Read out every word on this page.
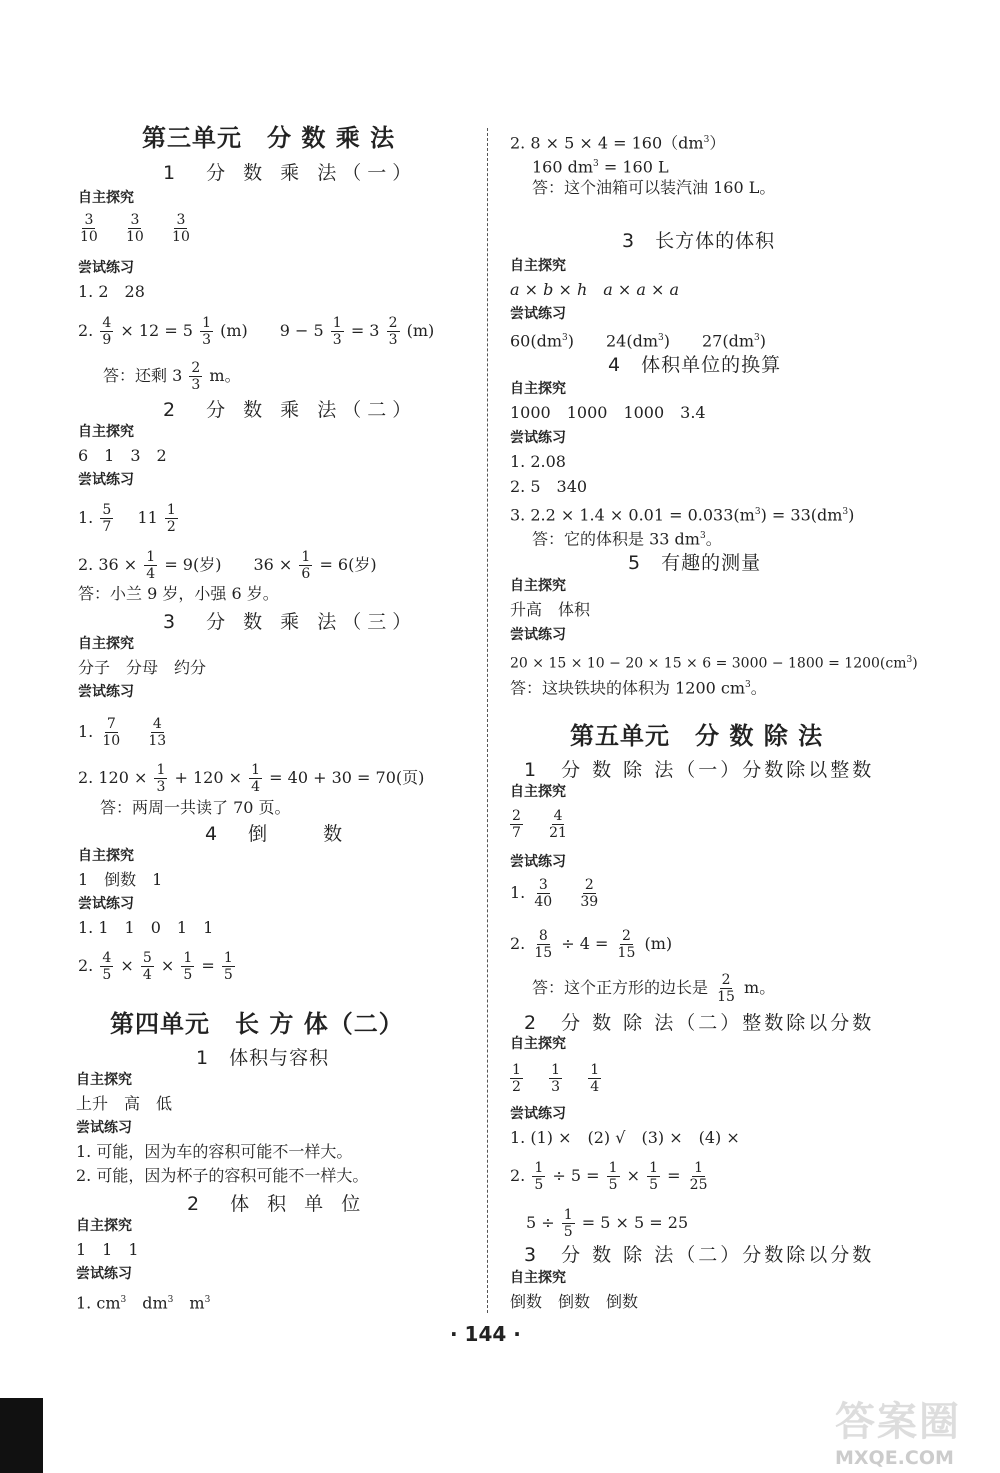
第三单元　分 数 乘 法
1　分 数 乘 法（一）
自主探究
$\frac{3}{10}$
$\frac{3}{10}$
$\frac{3}{10}$
尝试练习
1. 2　28
2. $\frac{4}{9} \times 12 = 5 \frac{1}{3} (m)$　　$9 - 5 \frac{1}{3} = 3 \frac{2}{3} (m)$
答：还剩 $3 \frac{2}{3}$ m。
2　分 数 乘 法（二）
自主探究
6　1　3　2
尝试练习
1. $\frac{5}{7} 11 \frac{1}{2}$
2. $36 \times \frac{1}{4} = 9$(岁)　　$36 \times \frac{1}{6} = 6$(岁)
答：小兰 9 岁，小强 6 岁。
3　分 数 乘 法（三）
自主探究
分子　分母　约分
尝试练习
1. $\frac{7}{10}$
$\frac{4}{13}$
2. $120 \times \frac{1}{3} + 120 \times \frac{1}{4} = 40 + 30 = 70$(页)
答：两周一共读了 70 页。
4　倒　　数
自主探究
1　倒数　1
尝试练习
1. 1　1　0　1　1
2. $\frac{4}{5} \times \frac{5}{4} \times \frac{1}{5} = \frac{1}{5}$
第四单元　长 方 体（二）
1　体积与容积
自主探究
上升　高　低
尝试练习
1. 可能，因为车的容积可能不一样大。
2. 可能，因为杯子的容积可能不一样大。
2　体 积 单 位
自主探究
1　1　1
尝试练习
1. $cm^3$　$dm^3$　$m^3$
2. $8 \times 5 \times 4 = 160(dm^3)$
160 $dm^3 = 160$ L
答：这个油箱可以装汽油 160 L。
3　长方体的体积
自主探究
a × b × h　a × a × a
尝试练习
$60(dm^3)$　　$24(dm^3)$　　$27(dm^3)$
4　体积单位的换算
自主探究
1000　1000　1000　3.4
尝试练习
1. 2.08
2. 5　340
3. $2.2 \times 1.4 \times 0.01 = 0.033(m^3) = 33(dm^3)$
答：它的体积是 33 $dm^3$。
5　有趣的测量
自主探究
升高　体积
尝试练习
$20 \times 15 \times 10 - 20 \times 15 \times 6 = 3000 - 1800 = 1200(cm^3)$
答：这块铁块的体积为 1200 $cm^3$。
第五单元　分 数 除 法
1　分 数 除 法（一）分数除以整数
自主探究
$\frac{2}{7}$
$\frac{4}{21}$
尝试练习
1. $\frac{3}{40}$
$\frac{2}{39}$
2. $\frac{8}{15} \div 4 = \frac{2}{15} (m)$
答：这个正方形的边长是 $\frac{2}{15}$ m。
2　分 数 除 法（二）整数除以分数
自主探究
$\frac{1}{2}$
$\frac{1}{3}$
$\frac{1}{4}$
尝试练习
1. (1) ×　(2) √　(3) ×　(4) ×
2. $\frac{1}{5} \div 5 = \frac{1}{5} \times \frac{1}{5} = \frac{1}{25}$
$5 \div \frac{1}{5} = 5 \times 5 = 25$
3　分 数 除 法（二）分数除以分数
自主探究
倒数　倒数　倒数
· 144 ·
答案圈
MXQE.COM
